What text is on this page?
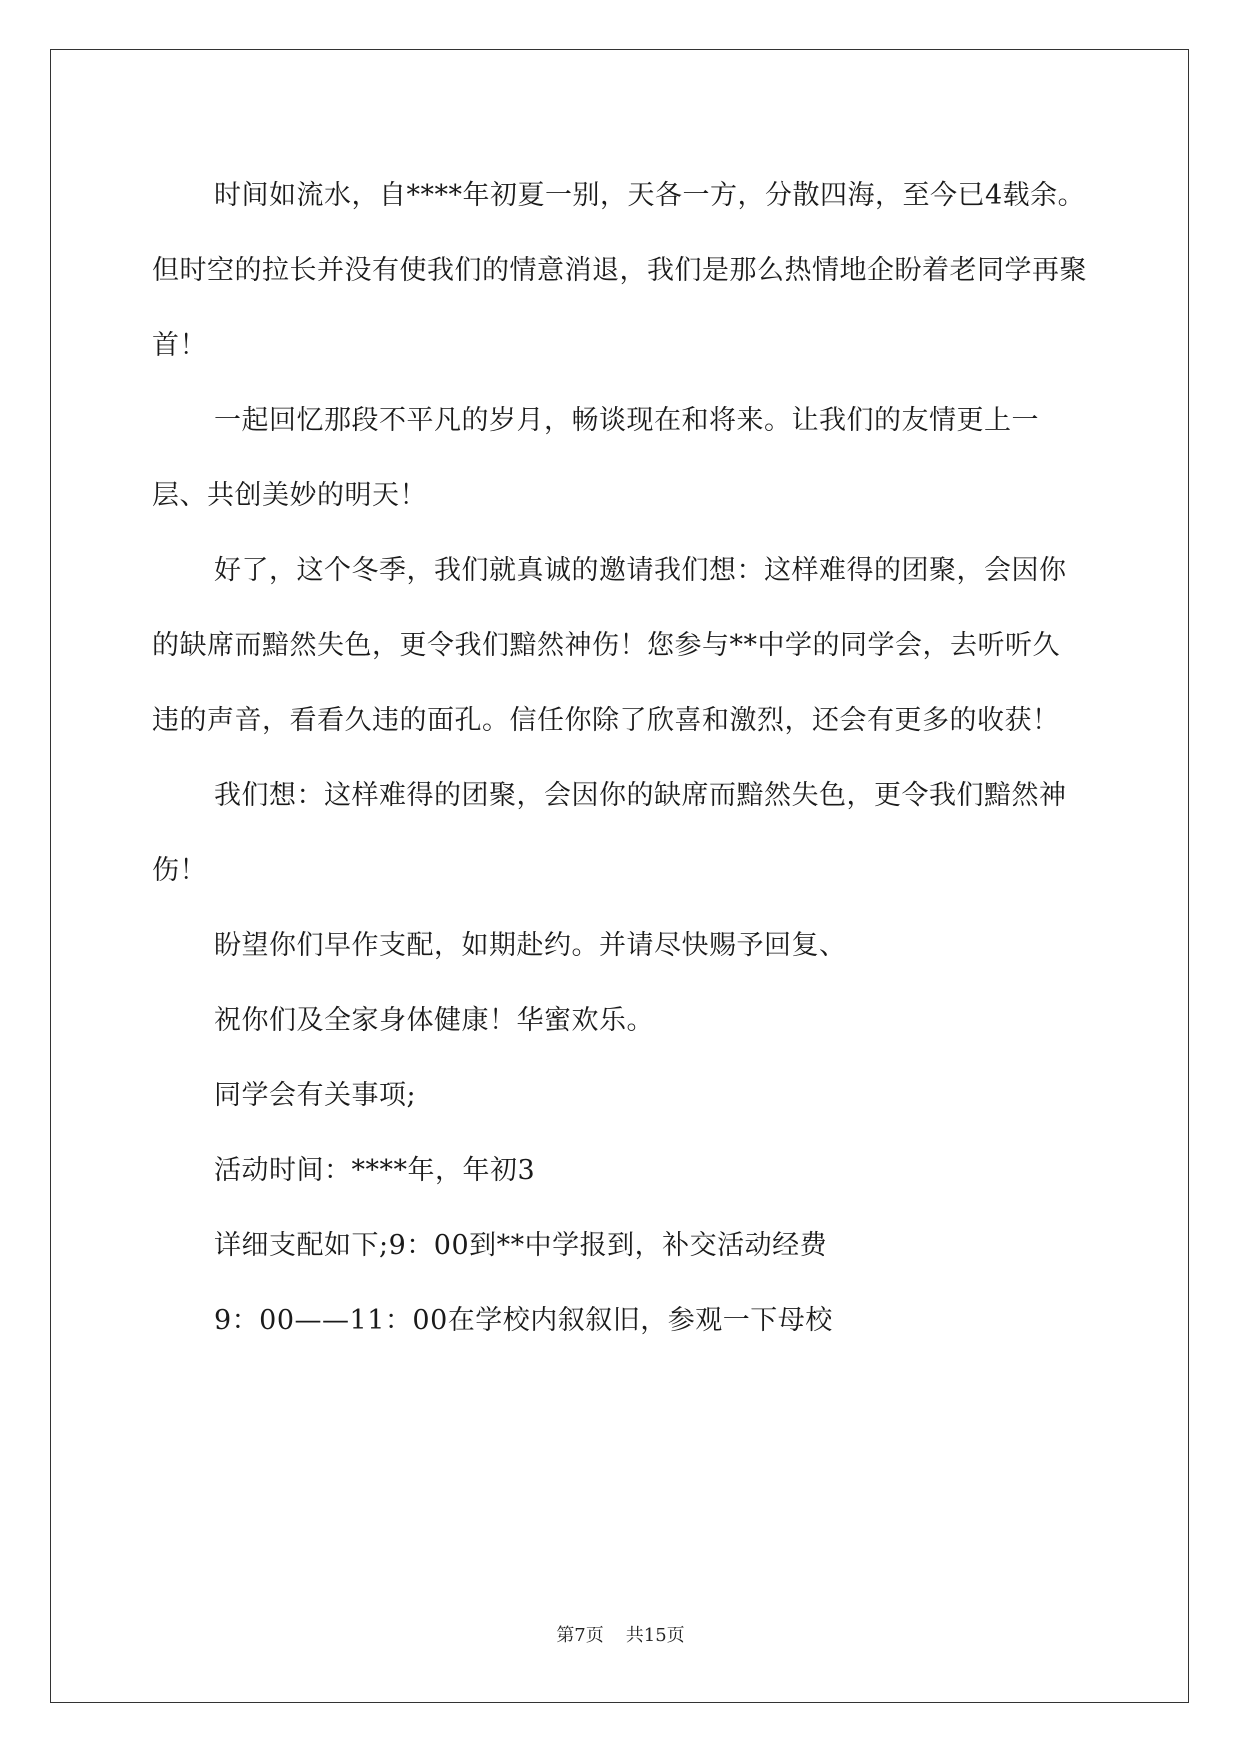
时间如流水，自****年初夏一别，天各一方，分散四海，至今已4载余。但时空的拉长并没有使我们的情意消退，我们是那么热情地企盼着老同学再聚首！

一起回忆那段不平凡的岁月，畅谈现在和将来。让我们的友情更上一层、共创美妙的明天！

好了，这个冬季，我们就真诚的邀请我们想：这样难得的团聚，会因你的缺席而黯然失色，更令我们黯然神伤！您参与**中学的同学会，去听听久违的声音，看看久违的面孔。信任你除了欣喜和激烈，还会有更多的收获！

我们想：这样难得的团聚，会因你的缺席而黯然失色，更令我们黯然神伤！

盼望你们早作支配，如期赴约。并请尽快赐予回复、

祝你们及全家身体健康！华蜜欢乐。

同学会有关事项;

活动时间：****年，年初3

详细支配如下;9：00到**中学报到，补交活动经费

9：00——11：00在学校内叙叙旧，参观一下母校

第7页 共15页
